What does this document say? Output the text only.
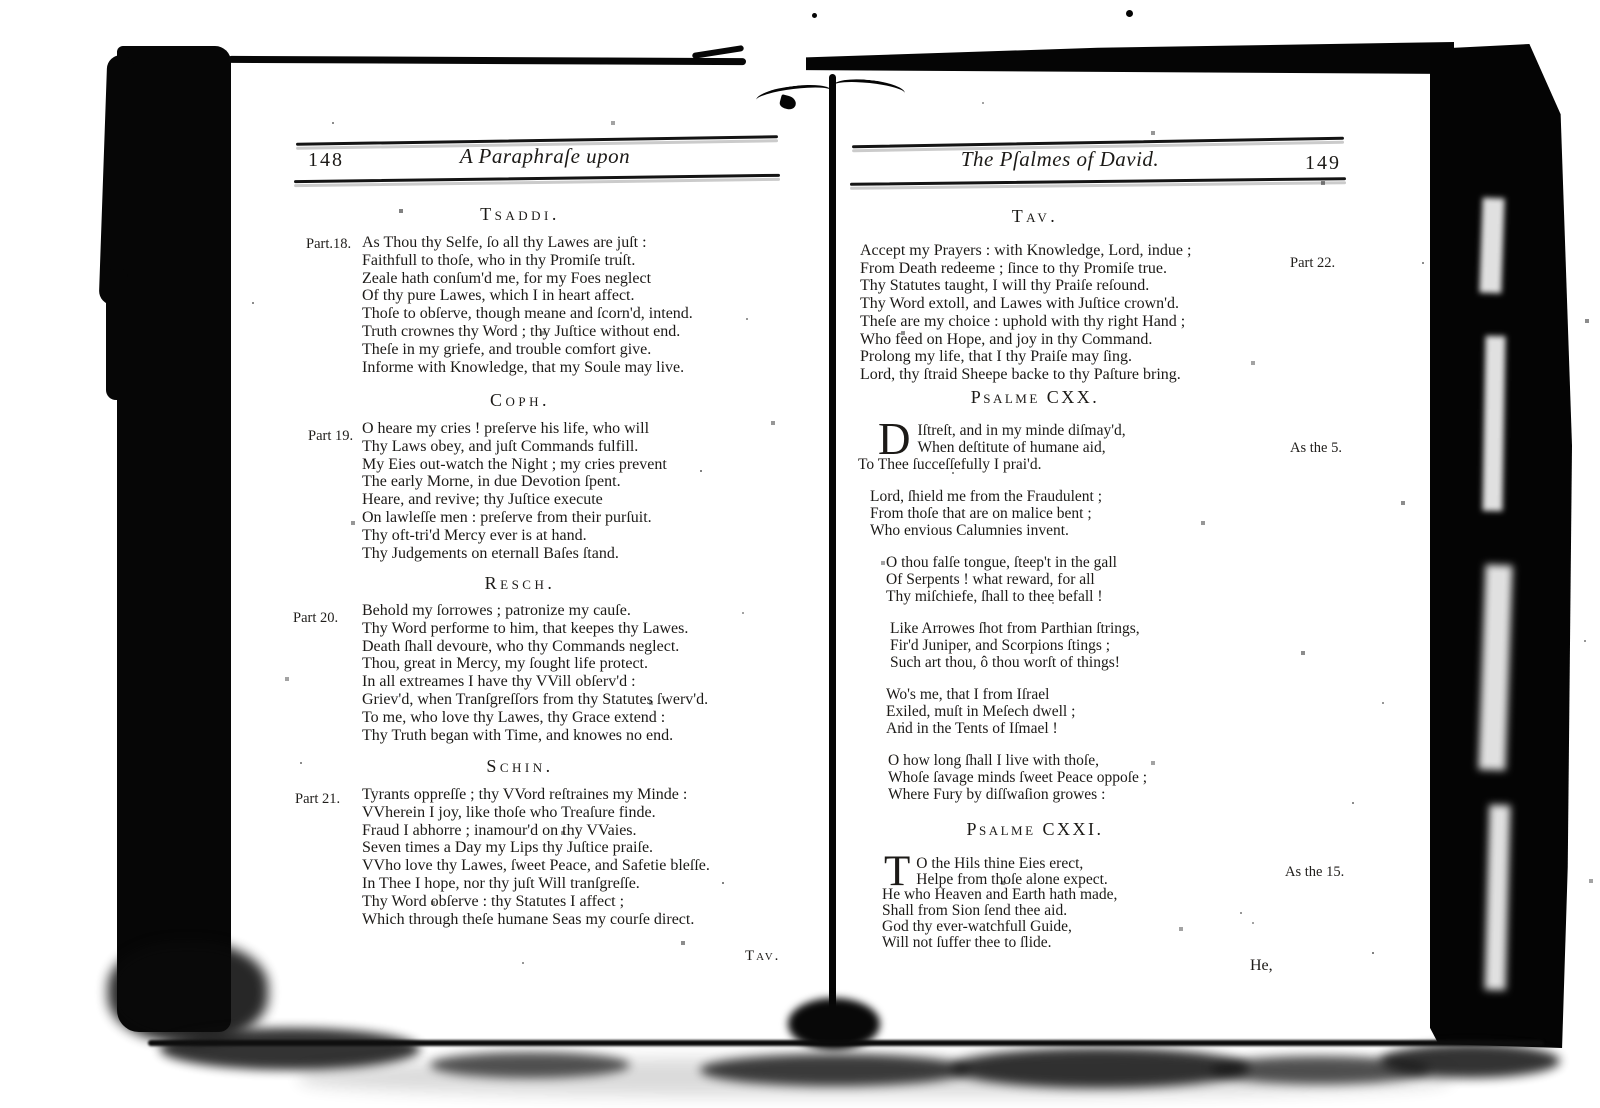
148	A Paraphraſe upon
Tsaddi.
Part.18. As Thou thy Selfe, ſo all thy Lawes are juſt :
Faithfull to thoſe, who in thy Promiſe truſt.
Zeale hath conſum'd me, for my Foes neglect
Of thy pure Lawes, which I in heart affect.
Thoſe to obſerve, though meane and ſcorn'd, intend.
Truth crownes thy Word ; thy Juſtice without end.
Theſe in my griefe, and trouble comfort give.
Informe with Knowledge, that my Soule may live.
Coph.
Part 19. O heare my cries ! preſerve his life, who will
Thy Laws obey, and juſt Commands fulfill.
My Eies out-watch the Night ; my cries prevent
The early Morne, in due Devotion ſpent.
Heare, and revive; thy Juſtice execute
On lawleſſe men : preſerve from their purſuit.
Thy oft-tri'd Mercy ever is at hand.
Thy Judgements on eternall Baſes ſtand.
Resch.
Part 20. Behold my ſorrowes ; patronize my cauſe.
Thy Word performe to him, that keepes thy Lawes.
Death ſhall devoure, who thy Commands neglect.
Thou, great in Mercy, my ſought life protect.
In all extreames I have thy VVill obſerv'd :
Griev'd, when Tranſgreſſors from thy Statutes ſwerv'd.
To me, who love thy Lawes, thy Grace extend :
Thy Truth began with Time, and knowes no end.
Schin.
Part 21. Tyrants oppreſſe ; thy VVord reſtraines my Minde :
VVherein I joy, like thoſe who Treaſure finde.
Fraud I abhorre ; inamour'd on thy VVaies.
Seven times a Day my Lips thy Juſtice praiſe.
VVho love thy Lawes, ſweet Peace, and Safetie bleſſe.
In Thee I hope, nor thy juſt Will tranſgreſſe.
Thy Word obſerve : thy Statutes I affect ;
Which through theſe humane Seas my courſe direct.
Tav.
The Pſalmes of David.	149
Tav.
Part 22.
Accept my Prayers : with Knowledge, Lord, indue ;
From Death redeeme ; ſince to thy Promiſe true.
Thy Statutes taught, I will thy Praiſe reſound.
Thy Word extoll, and Lawes with Juſtice crown'd.
Theſe are my choice : uphold with thy right Hand ;
Who feed on Hope, and joy in thy Command.
Prolong my life, that I thy Praiſe may ſing.
Lord, thy ſtraid Sheepe backe to thy Paſture bring.
Psalme CXX.
As the 5.
D Iſtreſt, and in my minde diſmay'd,
When deſtitute of humane aid,
To Thee ſucceſſefully I prai'd.
Lord, ſhield me from the Fraudulent ;
From thoſe that are on malice bent ;
Who envious Calumnies invent.
O thou falſe tongue, ſteep't in the gall
Of Serpents ! what reward, for all
Thy miſchiefe, ſhall to thee befall !
Like Arrowes ſhot from Parthian ſtrings,
Fir'd Juniper, and Scorpions ſtings ;
Such art thou, ô thou worſt of things!
Wo's me, that I from Iſrael
Exiled, muſt in Meſech dwell ;
And in the Tents of Iſmael !
O how long ſhall I live with thoſe,
Whoſe ſavage minds ſweet Peace oppoſe ;
Where Fury by diſſwaſion growes :
Psalme CXXI.
As the 15.
T O the Hils thine Eies erect,
Helpe from thoſe alone expect.
He who Heaven and Earth hath made,
Shall from Sion ſend thee aid.
God thy ever-watchfull Guide,
Will not ſuffer thee to ſlide.
He,
